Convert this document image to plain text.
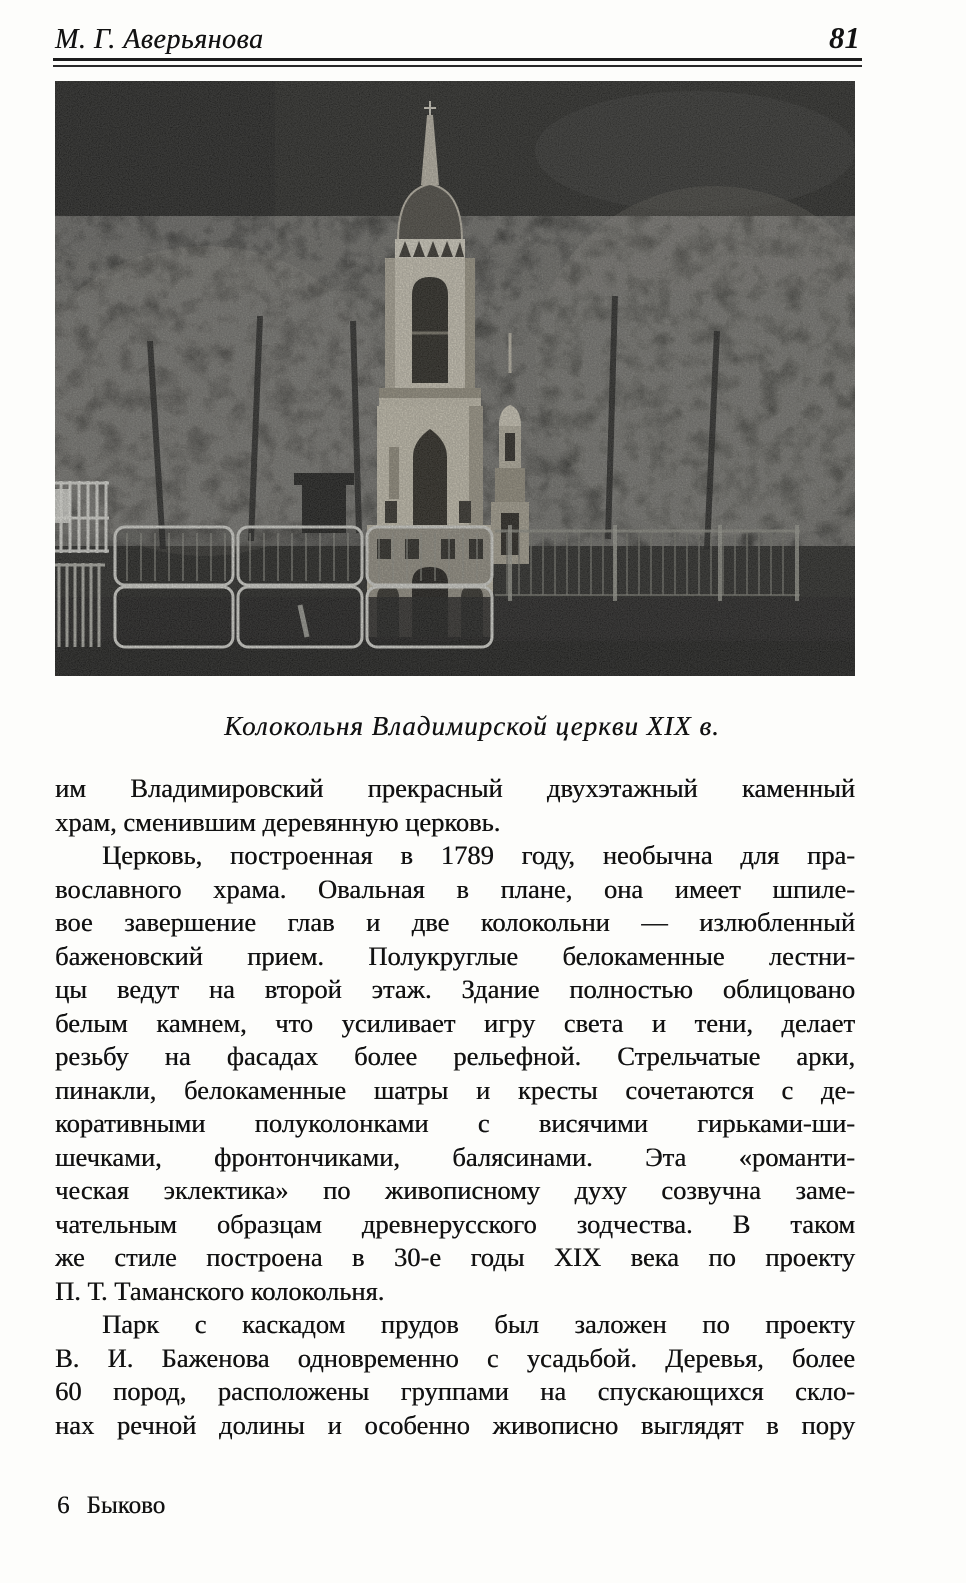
М. Г. Аверьянова	81
Колокольня Владимирской церкви XIX в.
им Владимировский прекрасный двухэтажный каменный
храм, сменившим деревянную церковь.
Церковь, построенная в 1789 году, необычна для пра-
вославного храма. Овальная в плане, она имеет шпиле-
вое завершение глав и две колокольни — излюбленный
баженовский прием. Полукруглые белокаменные лестни-
цы ведут на второй этаж. Здание полностью облицовано
белым камнем, что усиливает игру света и тени, делает
резьбу на фасадах более рельефной. Стрельчатые арки,
пинакли, белокаменные шатры и кресты сочетаются с де-
коративными полуколонками с висячими гирьками-ши-
шечками, фронтончиками, балясинами. Эта «романти-
ческая эклектика» по живописному духу созвучна заме-
чательным образцам древнерусского зодчества. В таком
же стиле построена в 30-е годы XIX века по проекту
П. Т. Таманского колокольня.
Парк с каскадом прудов был заложен по проекту
В. И. Баженова одновременно с усадьбой. Деревья, более
60 пород, расположены группами на спускающихся скло-
нах речной долины и особенно живописно выглядят в пору
6 Быково
